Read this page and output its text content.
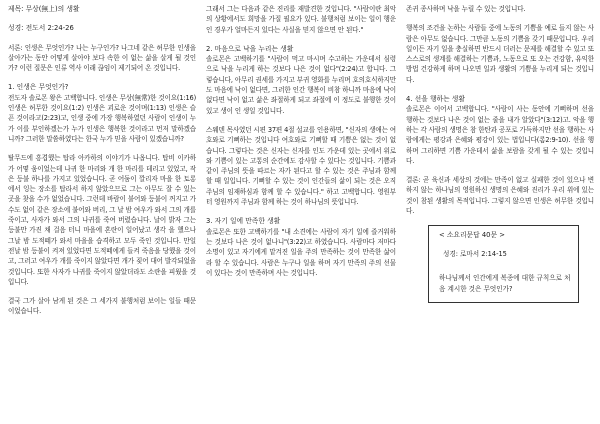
제목: 무상(無上)의 생활
성경: 전도서 2:24-26

서론: 인생은 무엇인가? 나는 누구인가? 나그네 같은 허무한 인생을 살아가는 동안 어떻게 살아야 보다 속한 이 없는 삶을 살게 될 것인가? 이런 질문은 인류 역사 이래 끊임이 제기되어 온 것입니다.

1. 인생은 무엇인가?

전도자 솔로몬 왕은 고백합니다. 인생은 무상(無常)한 것이요(1:16) 인생은 허무한 것이요(1:2) 인생은 괴로운 것이며(1:13) 인생은 슬픈 것이라고(2:23)고, 인생 중에 가장 행복하였던 사람이 인생이 누가 이를 부인하겠는가 누가 인생은 행복한 것이라고 먼저 말하겠습니까? 그러한 말씀하였다는 한국 누가 믿을 사람이 있겠습니까?

탈무드에 흥겹했는 탑라 아카하의 이야기가 나옵니다. 탑비 이카하가 어떻 움이었는데 나귀 한 마리와 개 한 마리를 데리고 있었고, 작은 등불 하나를 가지고 있었습니다. 곧 어둠이 깔리자 마을 한 토롱에서 잉는 장소를 탑라서 하지 않았으므로 그는 아무도 잘 수 있는 곳을 찾을 수가 없었습니다. 그런데 바람이 불어와 등불이 꺼지고 가 수도 없이 같은 장소에 불어와 버리, 그 날 밤 여우가 와서 그의 개를 죽이고, 사자가 와서 그의 나귀를 죽여 버렸습니다. 날이 밝자 그는 등불만 가진 채 걸음 터니 마을에 혼란이 일어났고 생각 을 했으나 그날 밤 도적떼가 와서 마을을 습격하고 모두 죽인 것입니다. 만일 전날 밤 등불이 켜져 있었다면 도적떼에게 들켜 죽음을 당했을 것이고, 그러고 여우가 개를 죽이지 않았다면 개가 짖어 대어 발각되었을 것입니다. 또한 사자가 나귀를 죽이지 않았더라도 소란을 피웠을 것입니다.

결국 그가 살아 남게 된 것은 그 세가지 불행처럼 보이는 일들 때문이었습니다.

그래서 그는 다음과 같은 진리를 재발견한 것입니다. "사람이란 최악의 상황에서도 희망을 가질 필요가 있다. 불행처럼 보이는 일이 행운인 경우가 얼마든지 있다는 사실을 믿지 않으면 안 된다."

2. 마음으로 낙을 누리는 생활

솔로몬은 고백하기를 "사람이 먹고 마시며 수고하는 가운데서 심령으로 낙을 누리게 하는 것보다 나은 것이 없다"(2:24)고 합니다. 그렇습니다, 아무리 권세를 가지고 부귀 영화를 누리며 호의호식하지만 도 마음에 낙이 없다면, 그러한 인간 행복이 비참 하니까 마음에 낙이 없다면 낙이 없고 삶은 좌절하게 되고 좌절에 이 정도로 불행한 것이 있고 생이 인 생일 것입니다.

스웨덴 목사였던 시편 37편 4절 설교를 인용하면, "신자의 생애는 여호와로 기뻐하는 것입니다 여호와로 기뻐할 때 기쁨은 없는 것이 없습니다. 그렇다는 것은 신자는 신자를 인도 가운데 있는 곳에서 위로와 기쁨이 있는 고통의 순간에도 감사할 수 있다는 것입니다. 기쁨과 같이 주님의 뜻을 따르는 자가 된다고 할 수 있는 것은 주님과 함께 할 때 일입니다. 기뻐할 수 있는 것이 인간들의 삶이 되는 것은 오직 주님의 임재하심과 함께 할 수 있습니다." 하고 고백합니다. 영원부터 영원까지 주님과 함께 하는 것이 하나님의 뜻입니다.

3. 자기 일에 만족한 생활

솔로몬은 또한 고백하기를 "내 소견에는 사람이 자기 일에 즐거워하는 것보다 나은 것이 없나니"(3:22)고 하였습니다. 사람마다 저마다 소명이 있고 자기에게 맡겨진 일을 주의 만족하는 것이 만족한 삶이라 할 수 있습니다. 사람은 누구나 일을 하며 자기 만족의 주의 선물이 있다는 것이 만족하며 사는 것입니다.

존귀 종사하며 낙을 누릴 수 있는 것입니다.

행복의 조건을 논하는 사람들 중에 노동의 기쁨을 예로 들지 않는 사람은 아무도 없습니다. 그만큼 노동의 기쁨을 갖기 때문입니다. 우리 일이든 자기 일을 충실하면 반드시 더러는 문제를 해결할 수 있고 또 스스로의 생계를 해결하는 기쁨과, 노동으로 또 오는 건강함, 유익한 방법 건강하게 하며 나오면 일과 생활의 기쁨을 누리게 되는 것입니다.

4. 선을 행하는 생활

솔로몬은 이어서 고백합니다. "사람이 사는 동안에 기뻐하며 선을 행하는 것보다 나은 것이 없는 줄을 내가 알았다"(3:12)고. 악을 행하는 각 사람의 생명은 참 한탄과 공포로 가득하지만 선을 행하는 사람에게는 평강과 은혜와 평강이 있는 법입니다(롬2:9-10). 선을 행하며 그리하면 기쁨 가운데서 삶을 보람을 갖게 될 수 있는 것입니다.

결론: 곧 육신과 세상의 것에는 만족이 없고 실패한 것이 있으나 변하지 않는 하나님의 영원하신 생명의 은혜와 진리가 우리 위에 있는 것이 참된 생활의 목적입니다. 그렇지 않으면 인생은 허무한 것입니다.

< 소요리문답 40문 >
성경: 로마서 2:14-15
하나님께서 인간에게 복종에 대한 규칙으로 처음 계시한 것은 무엇인가?
